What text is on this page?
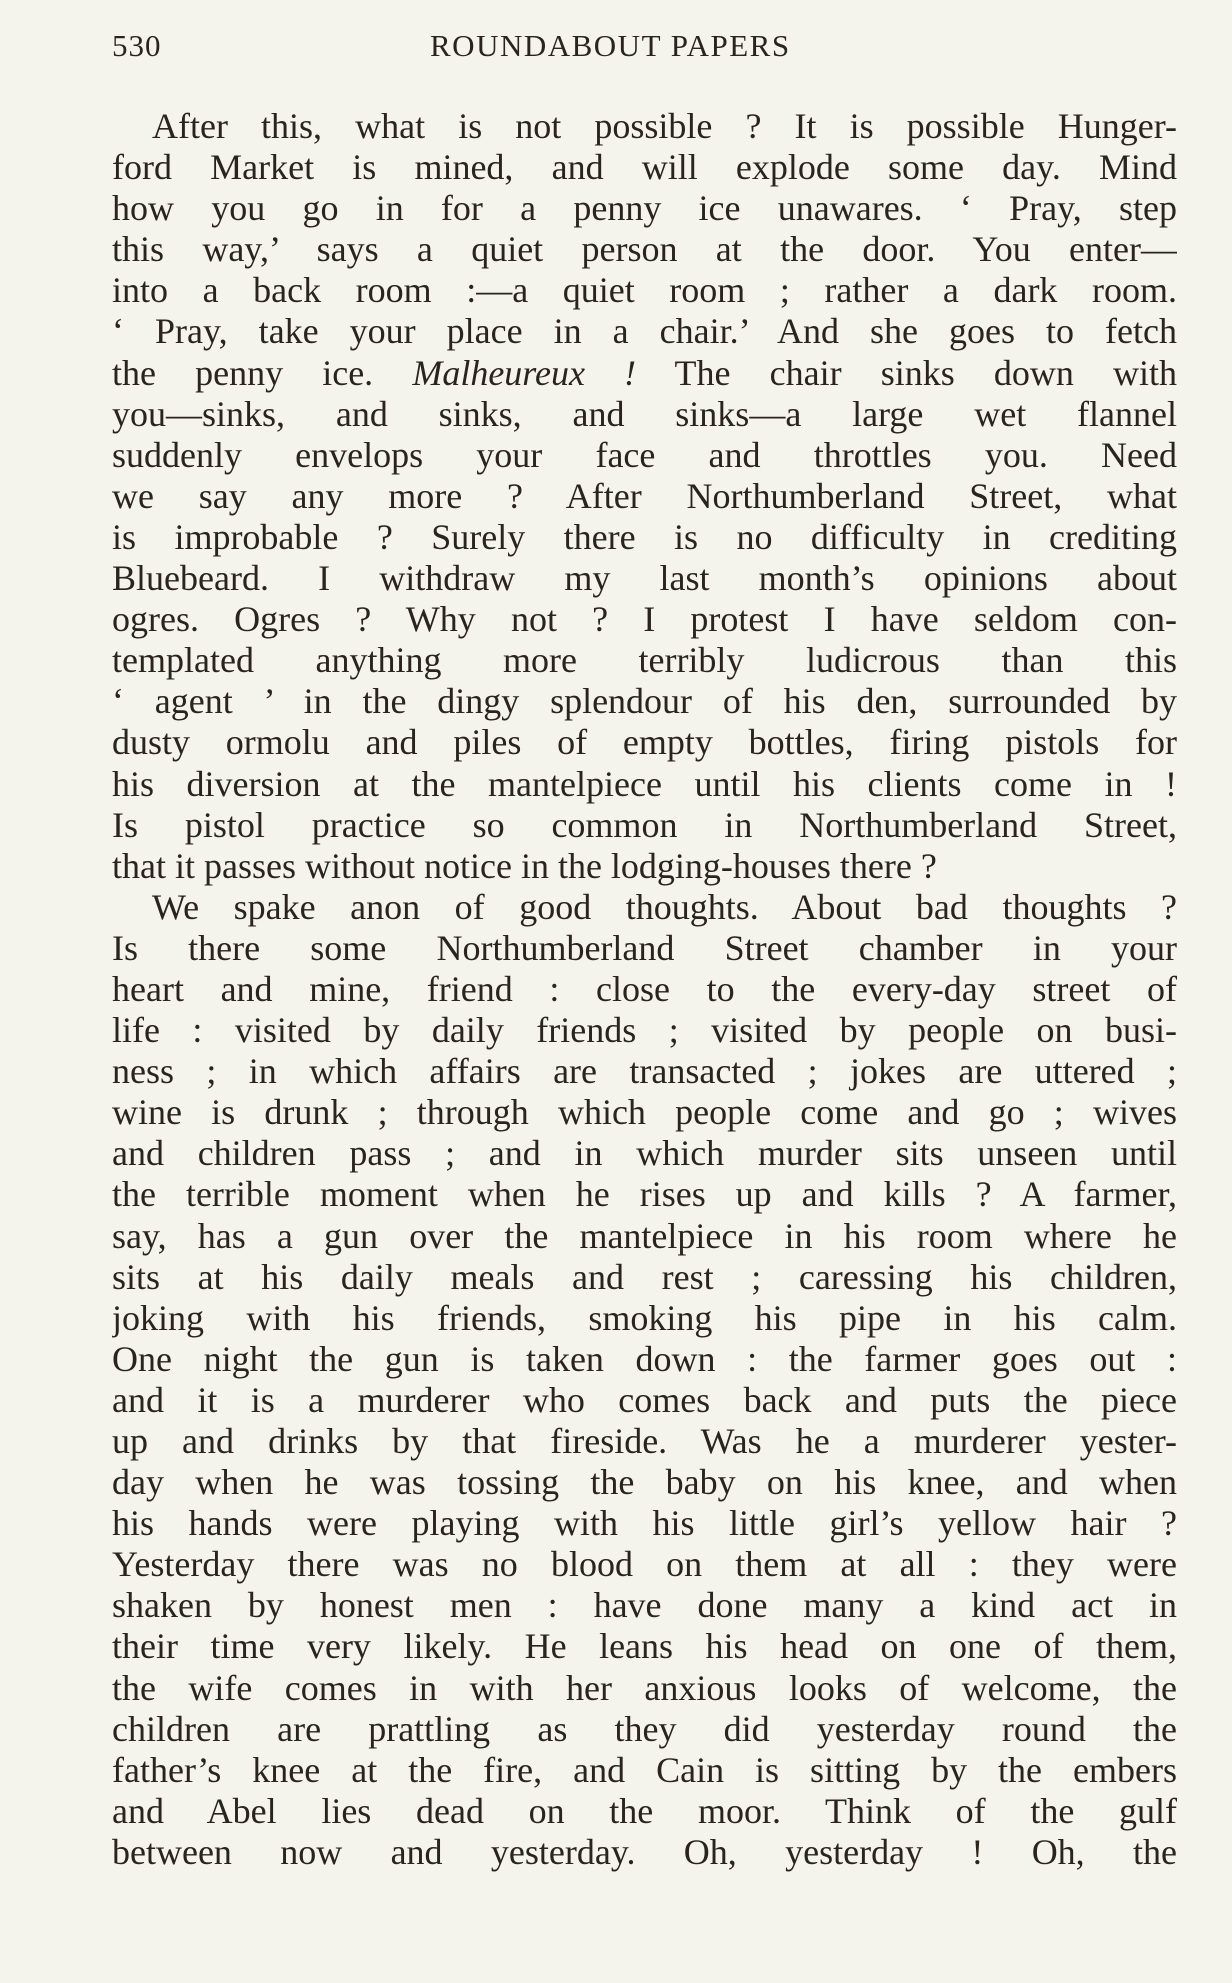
530	ROUNDABOUT PAPERS
After this, what is not possible ? It is possible Hunger-
ford Market is mined, and will explode some day. Mind
how you go in for a penny ice unawares. ‘ Pray, step
this way,’ says a quiet person at the door. You enter—
into a back room :—a quiet room ; rather a dark room.
‘ Pray, take your place in a chair.’ And she goes to fetch
the penny ice. Malheureux ! The chair sinks down with
you—sinks, and sinks, and sinks—a large wet flannel
suddenly envelops your face and throttles you. Need
we say any more ? After Northumberland Street, what
is improbable ? Surely there is no difficulty in crediting
Bluebeard. I withdraw my last month’s opinions about
ogres. Ogres ? Why not ? I protest I have seldom con-
templated anything more terribly ludicrous than this
‘ agent ’ in the dingy splendour of his den, surrounded by
dusty ormolu and piles of empty bottles, firing pistols for
his diversion at the mantelpiece until his clients come in !
Is pistol practice so common in Northumberland Street,
that it passes without notice in the lodging-houses there ?
We spake anon of good thoughts. About bad thoughts ?
Is there some Northumberland Street chamber in your
heart and mine, friend : close to the every-day street of
life : visited by daily friends ; visited by people on busi-
ness ; in which affairs are transacted ; jokes are uttered ;
wine is drunk ; through which people come and go ; wives
and children pass ; and in which murder sits unseen until
the terrible moment when he rises up and kills ? A farmer,
say, has a gun over the mantelpiece in his room where he
sits at his daily meals and rest ; caressing his children,
joking with his friends, smoking his pipe in his calm.
One night the gun is taken down : the farmer goes out :
and it is a murderer who comes back and puts the piece
up and drinks by that fireside. Was he a murderer yester-
day when he was tossing the baby on his knee, and when
his hands were playing with his little girl’s yellow hair ?
Yesterday there was no blood on them at all : they were
shaken by honest men : have done many a kind act in
their time very likely. He leans his head on one of them,
the wife comes in with her anxious looks of welcome, the
children are prattling as they did yesterday round the
father’s knee at the fire, and Cain is sitting by the embers
and Abel lies dead on the moor. Think of the gulf
between now and yesterday. Oh, yesterday ! Oh, the
